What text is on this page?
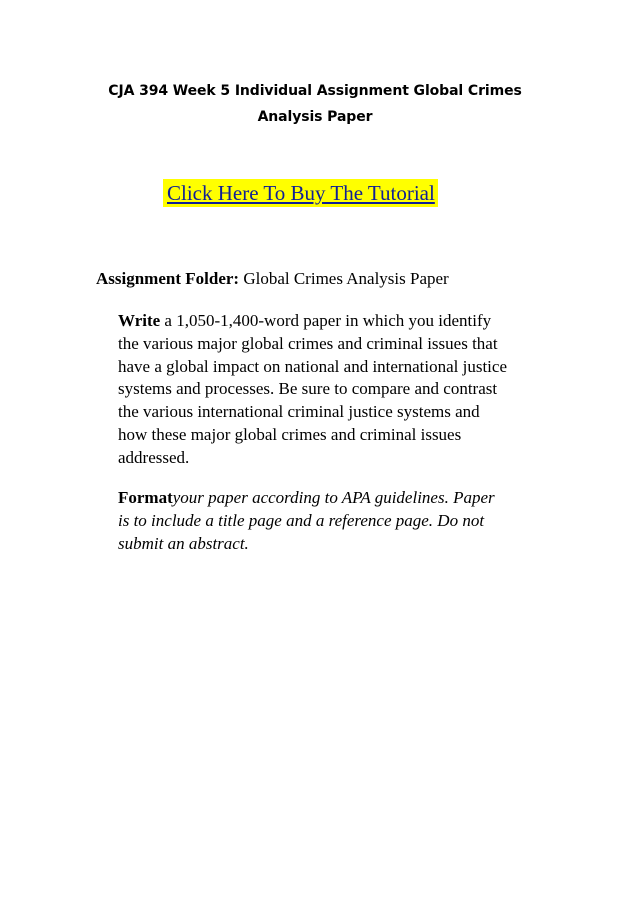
CJA 394 Week 5 Individual Assignment Global Crimes
Analysis Paper
Click Here To Buy The Tutorial
Assignment Folder: Global Crimes Analysis Paper
Write a 1,050-1,400-word paper in which you identify
the various major global crimes and criminal issues that
have a global impact on national and international justice
systems and processes. Be sure to compare and contrast
the various international criminal justice systems and
how these major global crimes and criminal issues
addressed.
Formatyour paper according to APA guidelines. Paper
is to include a title page and a reference page. Do not
submit an abstract.
